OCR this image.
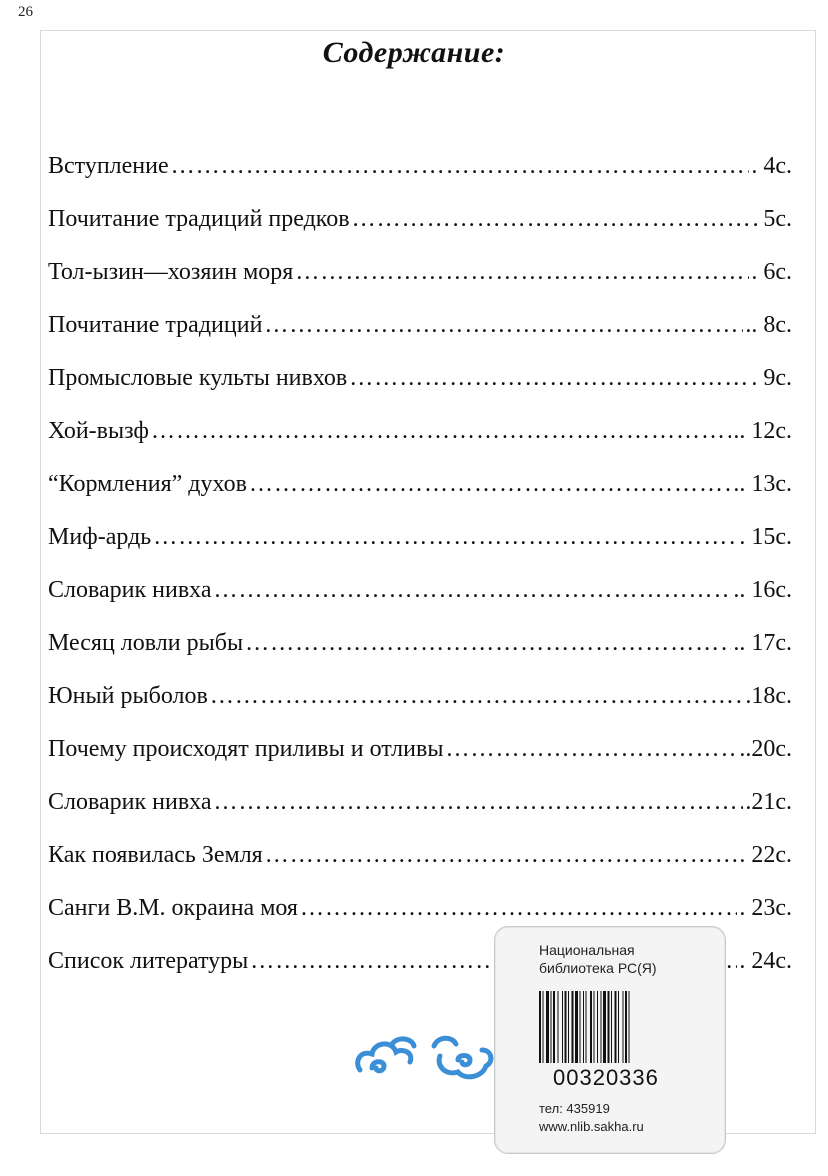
26
Содержание:
Вступление …………………………………………………………………………………………………………………………	. 4с.
Почитание традиций предков …………………………………………………………………………………………………………………………	5с.
Тол-ызин—хозяин моря …………………………………………………………………………………………………………………………	. 6с.
Почитание традиций …………………………………………………………………………………………………………………………	.. 8с.
Промысловые культы нивхов …………………………………………………………………………………………………………………………	. 9с.
Хой-вызф …………………………………………………………………………………………………………………………	.. 12с.
“Кормления” духов …………………………………………………………………………………………………………………………	.. 13с.
Миф-ардь …………………………………………………………………………………………………………………………	. 15с.
Словарик нивха …………………………………………………………………………………………………………………………	.. 16с.
Месяц ловли рыбы …………………………………………………………………………………………………………………………	.. 17с.
Юный рыболов …………………………………………………………………………………………………………………………	.18с.
Почему происходят приливы и отливы …………………………………………………………………………………………………………………………	..20с.
Словарик нивха …………………………………………………………………………………………………………………………	.21с.
Как появилась Земля …………………………………………………………………………………………………………………………	. 22с.
Санги В.М. окраина моя …………………………………………………………………………………………………………………………	. 23с.
Список литературы …………………………………………………………………………………………………………………………	. 24с.
Национальная
библиотека РС(Я)
00320336
тел: 435919
www.nlib.sakha.ru
